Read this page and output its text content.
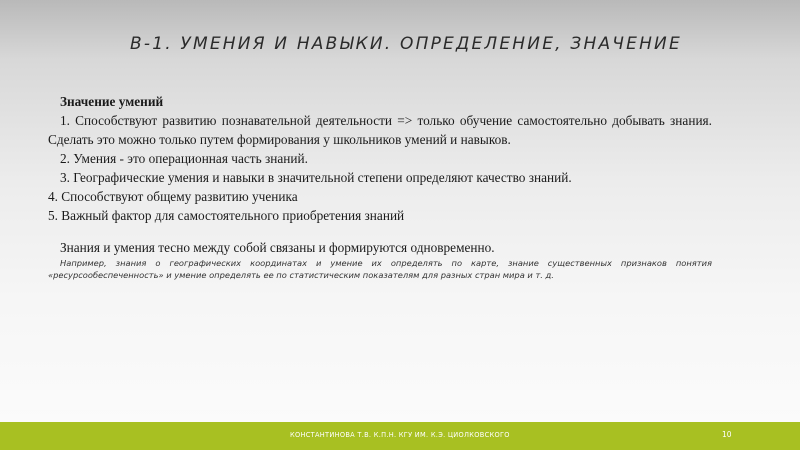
В-1. УМЕНИЯ И НАВЫКИ. ОПРЕДЕЛЕНИЕ, ЗНАЧЕНИЕ

Значение умений

1. Способствуют развитию познавательной деятельности => только обучение самостоятельно добывать знания. Сделать это можно только путем формирования у школьников умений и навыков.

2. Умения - это операционная часть знаний.

3. Географические умения и навыки в значительной степени определяют качество знаний.

4. Способствуют общему развитию ученика

5. Важный фактор для самостоятельного приобретения знаний

Знания и умения тесно между собой связаны и формируются одновременно.

Например, знания о географических координатах и умение их определять по карте, знание существенных признаков понятия «ресурсообеспеченность» и умение определять ее по статистическим показателям для разных стран мира и т. д.

КОНСТАНТИНОВА Т.В. К.П.Н. КГУ ИМ. К.Э. ЦИОЛКОВСКОГО	10
